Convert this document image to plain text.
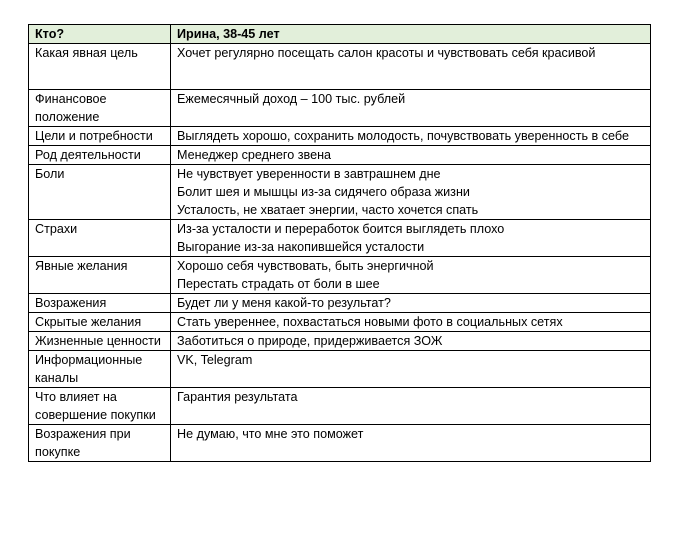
Кто?	Ирина, 38-45 лет
Какая явная цель	Хочет регулярно посещать салон красоты и чувствовать себя красивой

Финансовое положение	Ежемесячный доход – 100 тыс. рублей

Цели и потребности	Выглядеть хорошо, сохранить молодость, почувствовать уверенность в себе

Род деятельности	Менеджер среднего звена

Боли	Не чувствует уверенности в завтрашнем дне

Болит шея и мышцы из-за сидячего образа жизни

Усталость, не хватает энергии, часто хочется спать

Страхи	Из-за усталости и переработок боится выглядеть плохо

Выгорание из-за накопившейся усталости

Явные желания	Хорошо себя чувствовать, быть энергичной

Перестать страдать от боли в шее

Возражения	Будет ли у меня какой-то результат?

Скрытые желания	Стать увереннее, похвастаться новыми фото в социальных сетях

Жизненные ценности	Заботиться о природе, придерживается ЗОЖ

Информационные каналы	VK, Telegram

Что влияет на совершение покупки	Гарантия результата

Возражения при покупке	Не думаю, что мне это поможет
